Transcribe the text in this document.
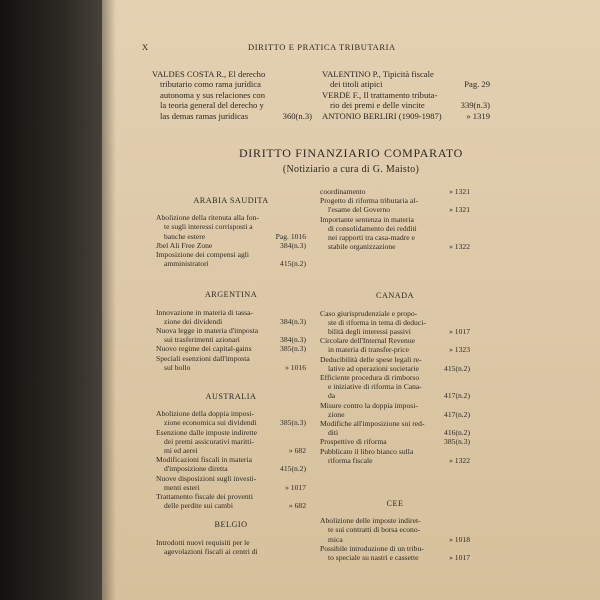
X	DIRITTO E PRATICA TRIBUTARIA
VALDES COSTA R., El derecho
tributario como rama jurídica
autonoma y sus relaciones con
la teoria general del derecho y
las demas ramas juridicas	360(n.3)
VALENTINO P., Tipicità fiscale
dei titoli atipici	Pag. 29
VERDE F., Il trattamento tributa-
rio dei premi e delle vincite	339(n.3)
ANTONIO BERLIRI (1909-1987)	» 1319
DIRITTO FINANZIARIO COMPARATO
(Notiziario a cura di G. Maisto)
ARABIA SAUDITA
Abolizione della ritenuta alla fon-
te sugli interessi corrisposti a
banche estere	Pag. 1016
Jbel Ali Free Zone	384(n.3)
Imposizione dei compensi agli
amministratori	415(n.2)
ARGENTINA
Innovazione in materia di tassa-
zione dei dividendi	384(n.3)
Nuova legge in materia d'imposta
sui trasferimenti azionari	384(n.3)
Nuovo regime dei capital-gains	385(n.3)
Speciali esenzioni dall'imposta
sul bollo	» 1016
AUSTRALIA
Abolizione della doppia imposi-
zione economica sui dividendi	385(n.3)
Esenzione dalle imposte indirette
dei premi assicurativi maritti-
mi ed aerei	» 682
Modificazioni fiscali in materia
d'imposizione diretta	415(n.2)
Nuove disposizioni sugli investi-
menti esteri	» 1017
Trattamento fiscale dei proventi
delle perdite sui cambi	» 682
BELGIO
Introdotti nuovi requisiti per le
agevolazioni fiscali ai centri di
coordinamento	» 1321
Progetto di riforma tributaria al-
l'esame del Governo	» 1321
Importante sentenza in materia
di consolidamento dei redditi
nei rapporti tra casa-madre e
stabile organizzazione	» 1322
CANADA
Caso giurisprudenziale e propo-
ste di riforma in tema di deduci-
bilità degli interessi passivi	» 1017
Circolare dell'Internal Revenue
in materia di transfer-price	» 1323
Deducibilità delle spese legali re-
lative ad operazioni societarie	415(n.2)
Efficiente procedura di rimborso
e iniziative di riforma in Cana-
da	417(n.2)
Misure contro la doppia imposi-
zione	417(n.2)
Modifiche all'imposizione sui red-
diti	416(n.2)
Prospettive di riforma	385(n.3)
Pubblicato il libro bianco sulla
riforma fiscale	» 1322
CEE
Abolizione delle imposte indiret-
te sui contratti di borsa econo-
mica	» 1018
Possibile introduzione di un tribu-
to speciale su nastri e cassette	» 1017
